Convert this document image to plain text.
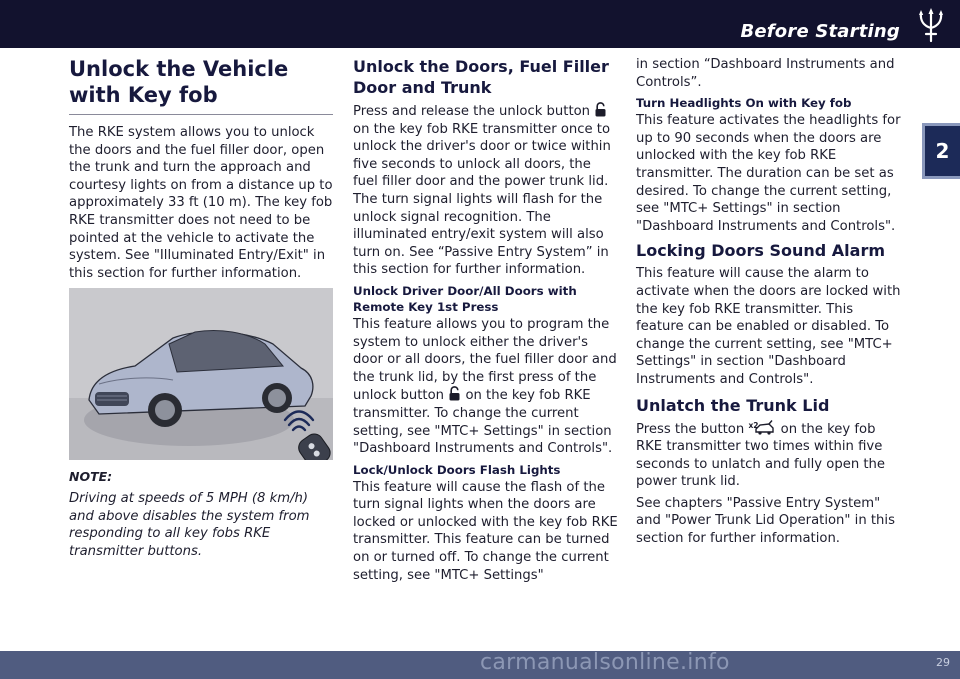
Before Starting
2
Unlock the Vehicle with Key fob

The RKE system allows you to unlock the doors and the fuel filler door, open the trunk and turn the approach and courtesy lights on from a distance up to approximately 33 ft (10 m). The key fob RKE transmitter does not need to be pointed at the vehicle to activate the system. See "Illuminated Entry/Exit" in this section for further information.

NOTE:

Driving at speeds of 5 MPH (8 km/h) and above disables the system from responding to all key fobs RKE transmitter buttons.

Unlock the Doors, Fuel Filler Door and Trunk

Press and release the unlock button  on the key fob RKE transmitter once to unlock the driver's door or twice within five seconds to unlock all doors, the fuel filler door and the power trunk lid. The turn signal lights will flash for the unlock signal recognition. The illuminated entry/exit system will also turn on. See “Passive Entry System” in this section for further information.

Unlock Driver Door/All Doors with Remote Key 1st Press

This feature allows you to program the system to unlock either the driver's door or all doors, the fuel filler door and the trunk lid, by the first press of the unlock button on the key fob RKE transmitter. To change the current setting, see "MTC+ Settings" in section "Dashboard Instruments and Controls".

Lock/Unlock Doors Flash Lights

This feature will cause the flash of the turn signal lights when the doors are locked or unlocked with the key fob RKE transmitter. This feature can be turned on or turned off. To change the current setting, see "MTC+ Settings"

in section “Dashboard Instruments and Controls”.

Turn Headlights On with Key fob

This feature activates the headlights for up to 90 seconds when the doors are unlocked with the key fob RKE transmitter. The duration can be set as desired. To change the current setting, see "MTC+ Settings" in section "Dashboard Instruments and Controls".

Locking Doors Sound Alarm

This feature will cause the alarm to activate when the doors are locked with the key fob RKE transmitter. This feature can be enabled or disabled. To change the current setting, see "MTC+ Settings" in section "Dashboard Instruments and Controls".

Unlatch the Trunk Lid

Press the button x2 on the key fob RKE transmitter two times within five seconds to unlatch and fully open the power trunk lid.

See chapters "Passive Entry System" and "Power Trunk Lid Operation" in this section for further information.

carmanualsonline.info	29
